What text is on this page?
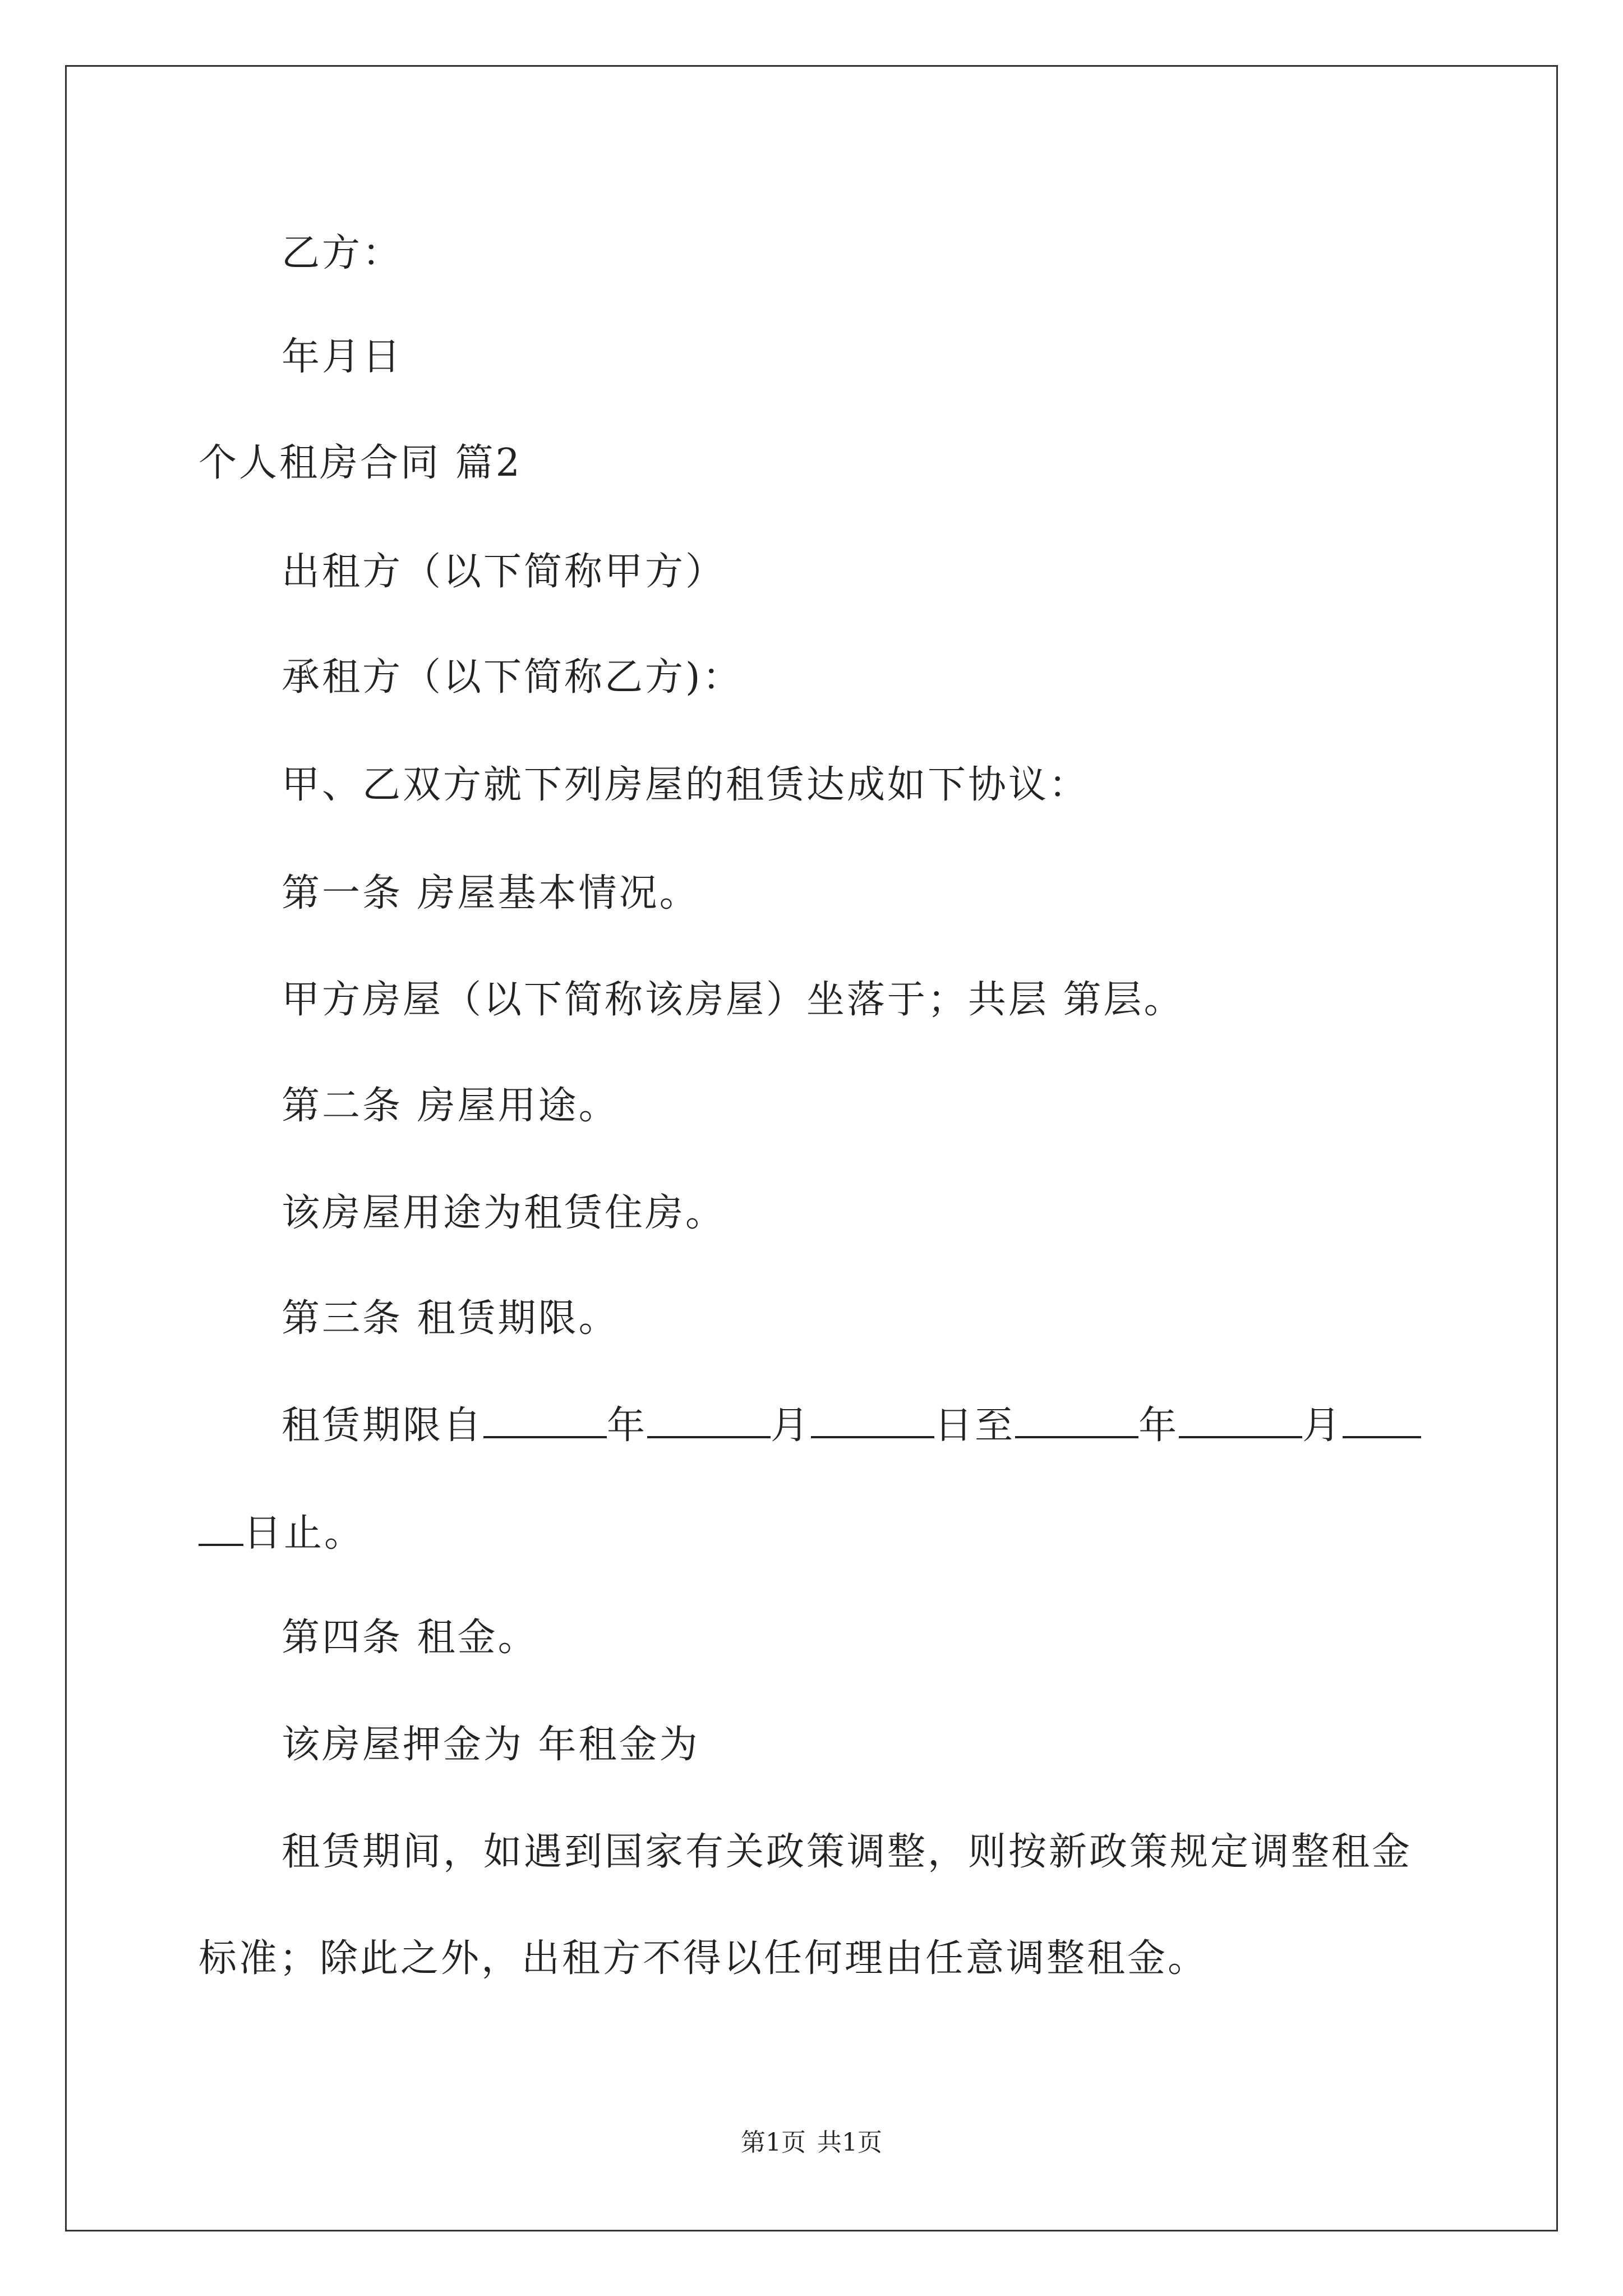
乙方：
年月日
个人租房合同 篇2
出租方（以下简称甲方）
承租方（以下简称乙方)：
甲、乙双方就下列房屋的租赁达成如下协议：
第一条 房屋基本情况。
甲方房屋（以下简称该房屋）坐落于；共层 第层。
第二条 房屋用途。
该房屋用途为租赁住房。
第三条 租赁期限。
租赁期限自	年	月	日至	年	月
日止。
第四条 租金。
该房屋押金为 年租金为
租赁期间，如遇到国家有关政策调整，则按新政策规定调整租金
标准；除此之外，出租方不得以任何理由任意调整租金。
第1页 共1页
